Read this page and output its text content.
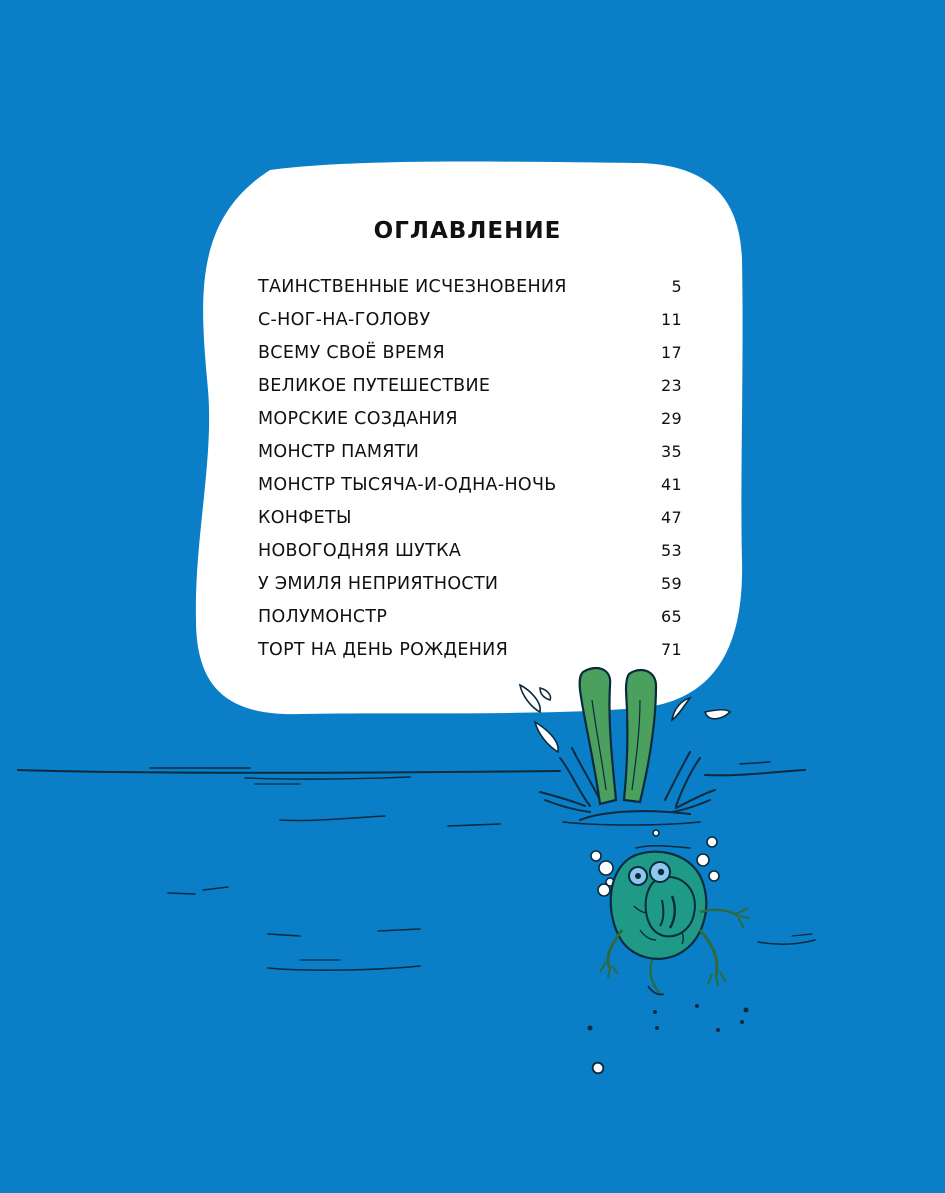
ОГЛАВЛЕНИЕ
ТАИНСТВЕННЫЕ ИСЧЕЗНОВЕНИЯ	5
С-НОГ-НА-ГОЛОВУ	11
ВСЕМУ СВОЁ ВРЕМЯ	17
ВЕЛИКОЕ ПУТЕШЕСТВИЕ	23
МОРСКИЕ СОЗДАНИЯ	29
МОНСТР ПАМЯТИ	35
МОНСТР ТЫСЯЧА-И-ОДНА-НОЧЬ	41
КОНФЕТЫ	47
НОВОГОДНЯЯ ШУТКА	53
У ЭМИЛЯ НЕПРИЯТНОСТИ	59
ПОЛУМОНСТР	65
ТОРТ НА ДЕНЬ РОЖДЕНИЯ	71
